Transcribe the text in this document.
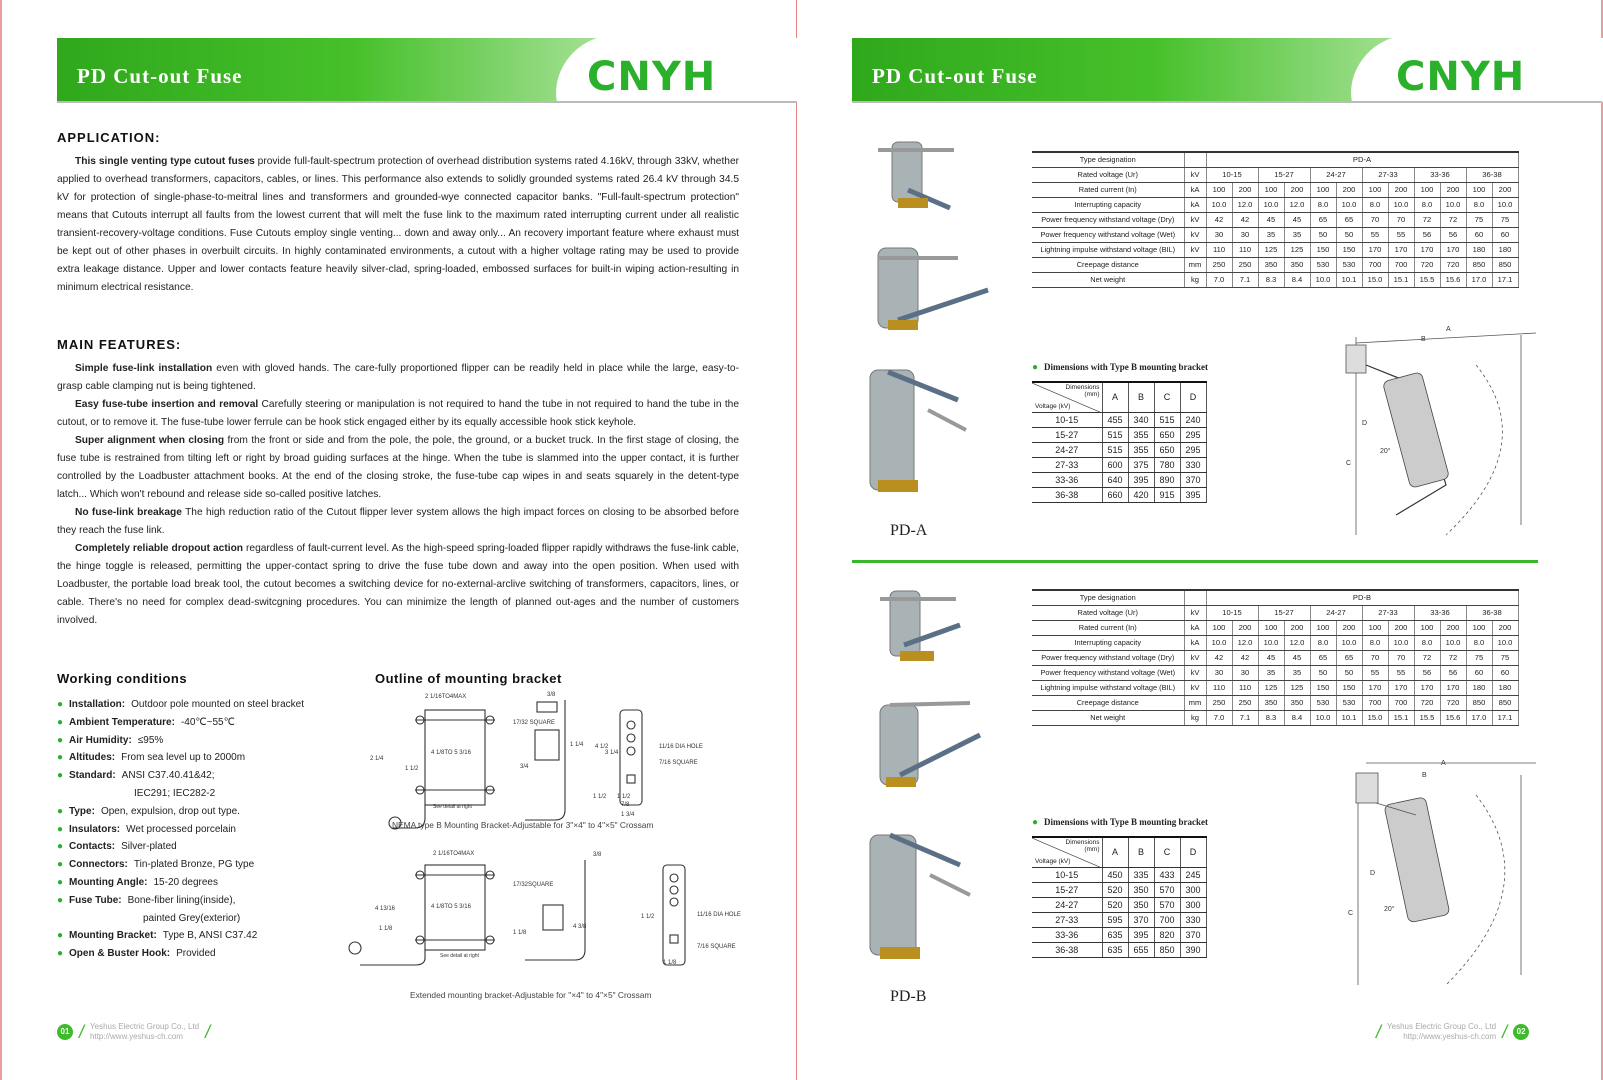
PD Cut-out Fuse	CNYH	PD Cut-out Fuse	CNYH
APPLICATION:
This single venting type cutout fuses provide full-fault-spectrum protection of overhead distribution systems rated 4.16kV, through 33kV, whether applied to overhead transformers, capacitors, cables, or lines. This performance also extends to solidly grounded systems rated 26.4 kV through 34.5 kV for protection of single-phase-to-meitral lines and transformers and grounded-wye connected capacitor banks. "Full-fault-spectrum protection" means that Cutouts interrupt all faults from the lowest current that will melt the fuse link to the maximum rated interrupting current under all realistic transient-recovery-voltage conditions. Fuse Cutouts employ single venting... down and away only... An recovery important feature where exhaust must be kept out of other phases in overbuilt circuits. In highly contaminated environments, a cutout with a higher voltage rating may be used to provide extra leakage distance. Upper and lower contacts feature heavily silver-clad, spring-loaded, embossed surfaces for built-in wiping action-resulting in minimum electrical resistance.
MAIN FEATURES:
Simple fuse-link installation even with gloved hands. The care-fully proportioned flipper can be readily held in place while the large, easy-to-grasp cable clamping nut is being tightened.
Easy fuse-tube insertion and removal Carefully steering or manipulation is not required to hand the tube in not required to hand the tube in the cutout, or to remove it. The fuse-tube lower ferrule can be hook stick engaged either by its equally accessible hook stick keyhole.
Super alignment when closing from the front or side and from the pole, the pole, the ground, or a bucket truck. In the first stage of closing, the fuse tube is restrained from tilting left or right by broad guiding surfaces at the hinge. When the tube is slammed into the upper contact, it is further controlled by the Loadbuster attachment books. At the end of the closing stroke, the fuse-tube cap wipes in and seats squarely in the detent-type latch... Which won't rebound and release side so-called positive latches.
No fuse-link breakage The high reduction ratio of the Cutout flipper lever system allows the high impact forces on closing to be absorbed before they reach the fuse link.
Completely reliable dropout action regardless of fault-current level. As the high-speed spring-loaded flipper rapidly withdraws the fuse-link cable, the hinge toggle is released, permitting the upper-contact spring to drive the fuse tube down and away into the open position. When used with Loadbuster, the portable load break tool, the cutout becomes a switching device for no-external-arclive switching of transformers, capacitors, lines, or cable. There's no need for complex dead-switcgning procedures. You can minimize the length of planned out-ages and the number of customers involved.
Working conditions
● Installation: Outdoor pole mounted on steel bracket
● Ambient Temperature: -40℃~55℃
● Air Humidity: ≤95%
● Altitudes: From sea level up to 2000m
● Standard: ANSI C37.40.41&42;
IEC291; IEC282-2
● Type: Open, expulsion, drop out type.
● Insulators: Wet processed porcelain
● Contacts: Silver-plated
● Connectors: Tin-plated Bronze, PG type
● Mounting Angle: 15-20 degrees
● Fuse Tube: Bone-fiber lining(inside),
painted Grey(exterior)
● Mounting Bracket: Type B, ANSI C37.42
● Open & Buster Hook: Provided
Outline of mounting bracket
2 1/16TO4MAX
4 1/8TO 5 3/16
2 1/4
1 1/2
See detail at right
3/8
17/32 SQUARE
3/4
1 1/4 4 1/2
3 1/4
1 1/2
11/16 DIA HOLE
7/16 SQUARE
1 1/2
7/8
1 3/4
NEMA type B Mounting Bracket-Adjustable for 3"×4" to 4"×5" Crossam
2 1/16TO4MAX
4 1/8TO 5 3/16
4 13/16
1 1/8
See detail at right
3/8
17/32SQUARE
1 1/8
4 3/8
1 1/2	11/16 DIA HOLE
7/16 SQUARE
1 1/8
Extended mounting bracket-Adjustable for "×4" to 4"×5" Crossam
01 / Yeshus Electric Group Co., Ltd
http://www.yeshus-ch.com	/
PD-A
Type designation		PD-A											
Rated voltage (Ur)	kV	10-15		15-27		24-27		27-33		33-36		36-38	
Rated current (In)	kA	100	200	100	200	100	200	100	200	100	200	100	200
Interrupting capacity	kA	10.0	12.0	10.0	12.0	8.0	10.0	8.0	10.0	8.0	10.0	8.0	10.0
Power frequency withstand voltage (Dry)	kV	42	42	45	45	65	65	70	70	72	72	75	75
Power frequency withstand voltage (Wet)	kV	30	30	35	35	50	50	55	55	56	56	60	60
Lightning impulse withstand voltage (BIL)	kV	110	110	125	125	150	150	170	170	170	170	180	180
Creepage distance	mm	250	250	350	350	530	530	700	700	720	720	850	850
Net weight	kg	7.0	7.1	8.3	8.4	10.0	10.1	15.0	15.1	15.5	15.6	17.0	17.1
● Dimensions with Type B mounting bracket
Dimensions (mm)
Voltage (kV)	A	B	C	D
10-15	455	340	515	240
15-27	515	355	650	295
24-27	515	355	650	295
27-33	600	375	780	330
33-36	640	395	890	370
36-38	660	420	915	395
A
B
D
C
20°
PD-B
Type designation		PD-B											
Rated voltage (Ur)	kV	10-15		15-27		24-27		27-33		33-36		36-38	
Rated current (In)	kA	100	200	100	200	100	200	100	200	100	200	100	200
Interrupting capacity	kA	10.0	12.0	10.0	12.0	8.0	10.0	8.0	10.0	8.0	10.0	8.0	10.0
Power frequency withstand voltage (Dry)	kV	42	42	45	45	65	65	70	70	72	72	75	75
Power frequency withstand voltage (Wet)	kV	30	30	35	35	50	50	55	55	56	56	60	60
Lightning impulse withstand voltage (BIL)	kV	110	110	125	125	150	150	170	170	170	170	180	180
Creepage distance	mm	250	250	350	350	530	530	700	700	720	720	850	850
Net weight	kg	7.0	7.1	8.3	8.4	10.0	10.1	15.0	15.1	15.5	15.6	17.0	17.1
● Dimensions with Type B mounting bracket
Dimensions (mm)
Voltage (kV)	A	B	C	D
10-15	450	335	433	245
15-27	520	350	570	300
24-27	520	350	570	300
27-33	595	370	700	330
33-36	635	395	820	370
36-38	635	655	850	390
A
B
D
C
20°
/ Yeshus Electric Group Co., Ltd
http://www.yeshus-ch.com /	02
